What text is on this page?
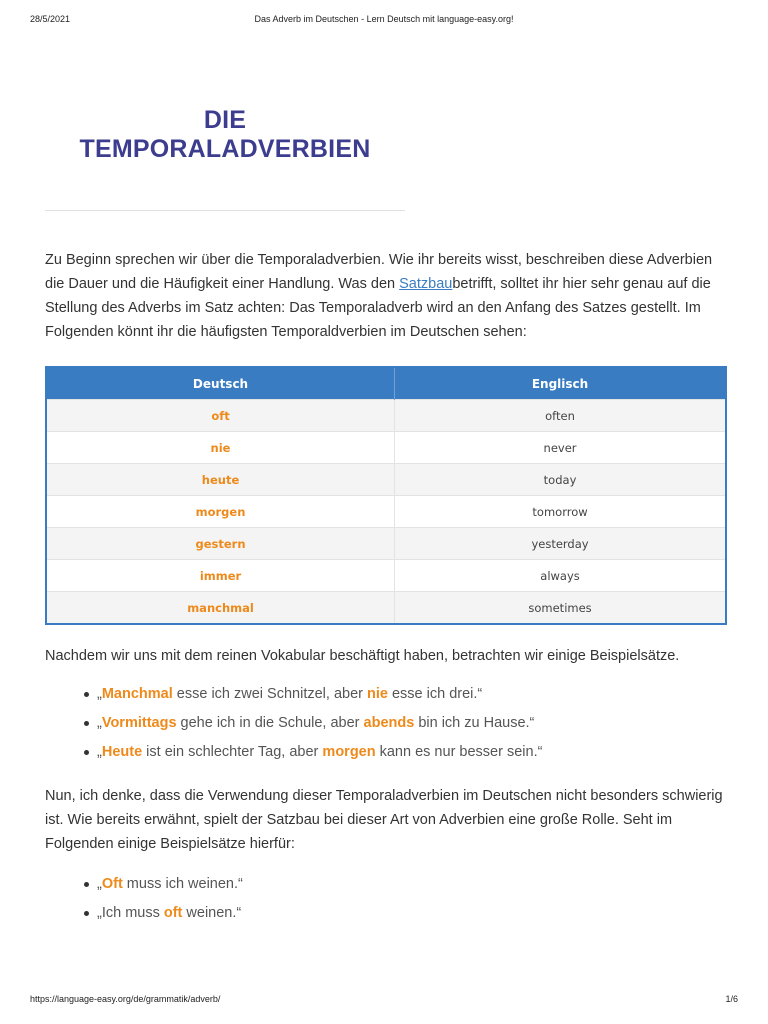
28/5/2021	Das Adverb im Deutschen - Lern Deutsch mit language-easy.org!
DIE
TEMPORALADVERBIEN

Zu Beginn sprechen wir über die Temporaladverbien. Wie ihr bereits wisst, beschreiben diese Adverbien die Dauer und die Häufigkeit einer Handlung. Was den Satzbaubetrifft, solltet ihr hier sehr genau auf die Stellung des Adverbs im Satz achten: Das Temporaladverb wird an den Anfang des Satzes gestellt. Im Folgenden könnt ihr die häufigsten Temporaldverbien im Deutschen sehen:

Deutsch	Englisch
oft	often
nie	never
heute	today
morgen	tomorrow
gestern	yesterday
immer	always
manchmal	sometimes

Nachdem wir uns mit dem reinen Vokabular beschäftigt haben, betrachten wir einige Beispielsätze.

„Manchmal esse ich zwei Schnitzel, aber nie esse ich drei.“
„Vormittags gehe ich in die Schule, aber abends bin ich zu Hause.“
„Heute ist ein schlechter Tag, aber morgen kann es nur besser sein.“

Nun, ich denke, dass die Verwendung dieser Temporaladverbien im Deutschen nicht besonders schwierig ist. Wie bereits erwähnt, spielt der Satzbau bei dieser Art von Adverbien eine große Rolle. Seht im Folgenden einige Beispielsätze hierfür:

„Oft muss ich weinen.“
„Ich muss oft weinen.“
https://language-easy.org/de/grammatik/adverb/	1/6
